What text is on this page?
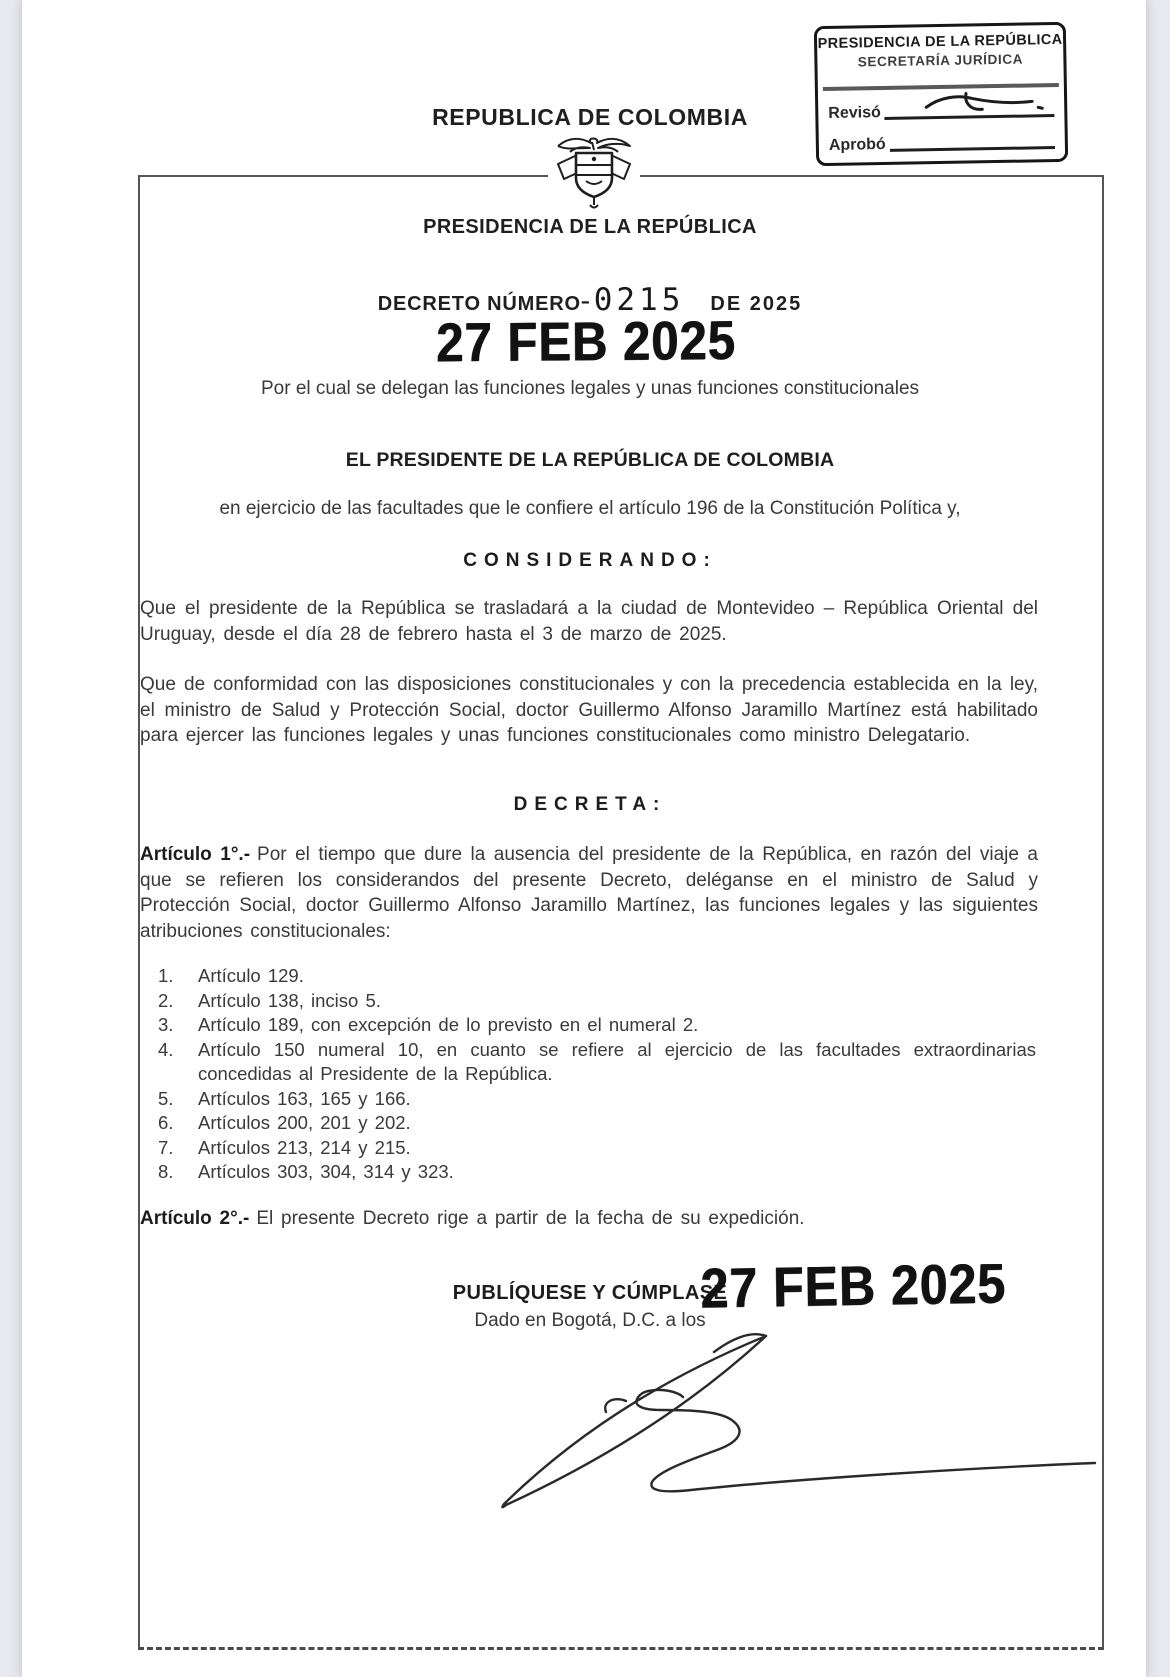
PRESIDENCIA DE LA REPÚBLICA
SECRETARÍA JURÍDICA
Revisó
Aprobó
REPUBLICA DE COLOMBIA
PRESIDENCIA DE LA REPÚBLICA
DECRETO NÚMERO
- 0215 DE 2025
27 FEB 2025
Por el cual se delegan las funciones legales y unas funciones constitucionales
EL PRESIDENTE DE LA REPÚBLICA DE COLOMBIA
en ejercicio de las facultades que le confiere el artículo 196 de la Constitución Política y,
CONSIDERANDO:
Que el presidente de la República se trasladará a la ciudad de Montevideo – República Oriental del Uruguay, desde el día 28 de febrero hasta el 3 de marzo de 2025.
Que de conformidad con las disposiciones constitucionales y con la precedencia establecida en la ley, el ministro de Salud y Protección Social, doctor Guillermo Alfonso Jaramillo Martínez está habilitado para ejercer las funciones legales y unas funciones constitucionales como ministro Delegatario.
DECRETA:
Artículo 1°.- Por el tiempo que dure la ausencia del presidente de la República, en razón del viaje a que se refieren los considerandos del presente Decreto, deléganse en el ministro de Salud y Protección Social, doctor Guillermo Alfonso Jaramillo Martínez, las funciones legales y las siguientes atribuciones constitucionales:
1.	Artículo 129.
2.	Artículo 138, inciso 5.
3.	Artículo 189, con excepción de lo previsto en el numeral 2.
4.	Artículo 150 numeral 10, en cuanto se refiere al ejercicio de las facultades extraordinarias concedidas al Presidente de la República.
5.	Artículos 163, 165 y 166.
6.	Artículos 200, 201 y 202.
7.	Artículos 213, 214 y 215.
8.	Artículos 303, 304, 314 y 323.
Artículo 2°.- El presente Decreto rige a partir de la fecha de su expedición.
PUBLÍQUESE Y CÚMPLASE
Dado en Bogotá, D.C. a los
27 FEB 2025
